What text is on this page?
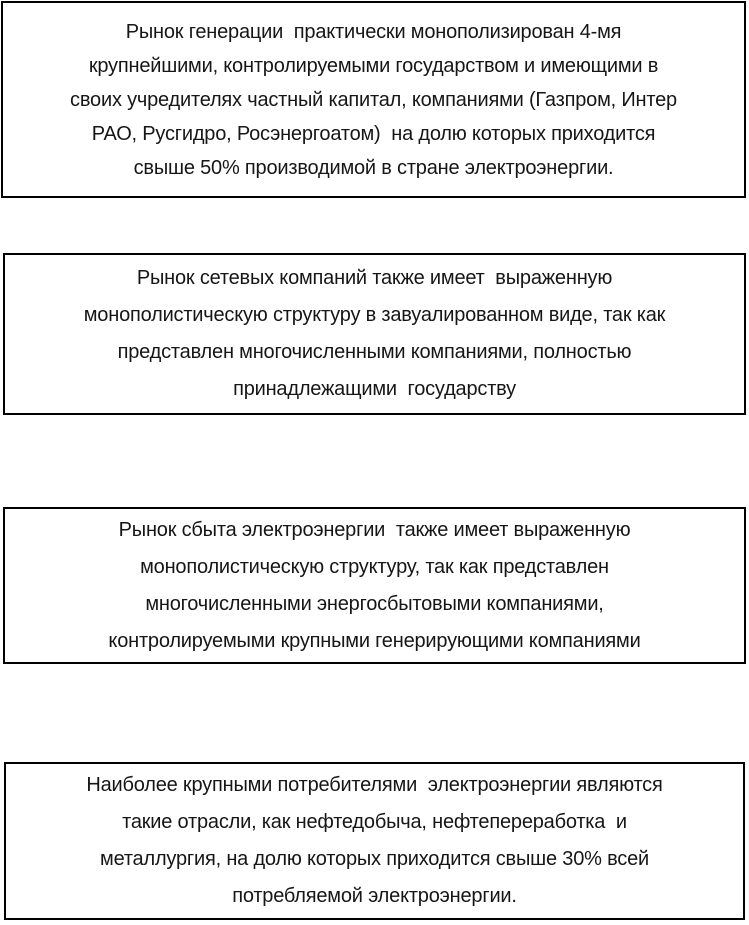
Рынок генерации  практически монополизирован 4-мя
крупнейшими, контролируемыми государством и имеющими в
своих учредителях частный капитал, компаниями (Газпром, Интер
РАО, Русгидро, Росэнергоатом)  на долю которых приходится
свыше 50% производимой в стране электроэнергии.
Рынок сетевых компаний также имеет  выраженную
монополистическую структуру в завуалированном виде, так как
представлен многочисленными компаниями, полностью
принадлежащими  государству
Рынок сбыта электроэнергии  также имеет выраженную
монополистическую структуру, так как представлен
многочисленными энергосбытовыми компаниями,
контролируемыми крупными генерирующими компаниями
Наиболее крупными потребителями  электроэнергии являются
такие отрасли, как нефтедобыча, нефтепереработка  и
металлургия, на долю которых приходится свыше 30% всей
потребляемой электроэнергии.
